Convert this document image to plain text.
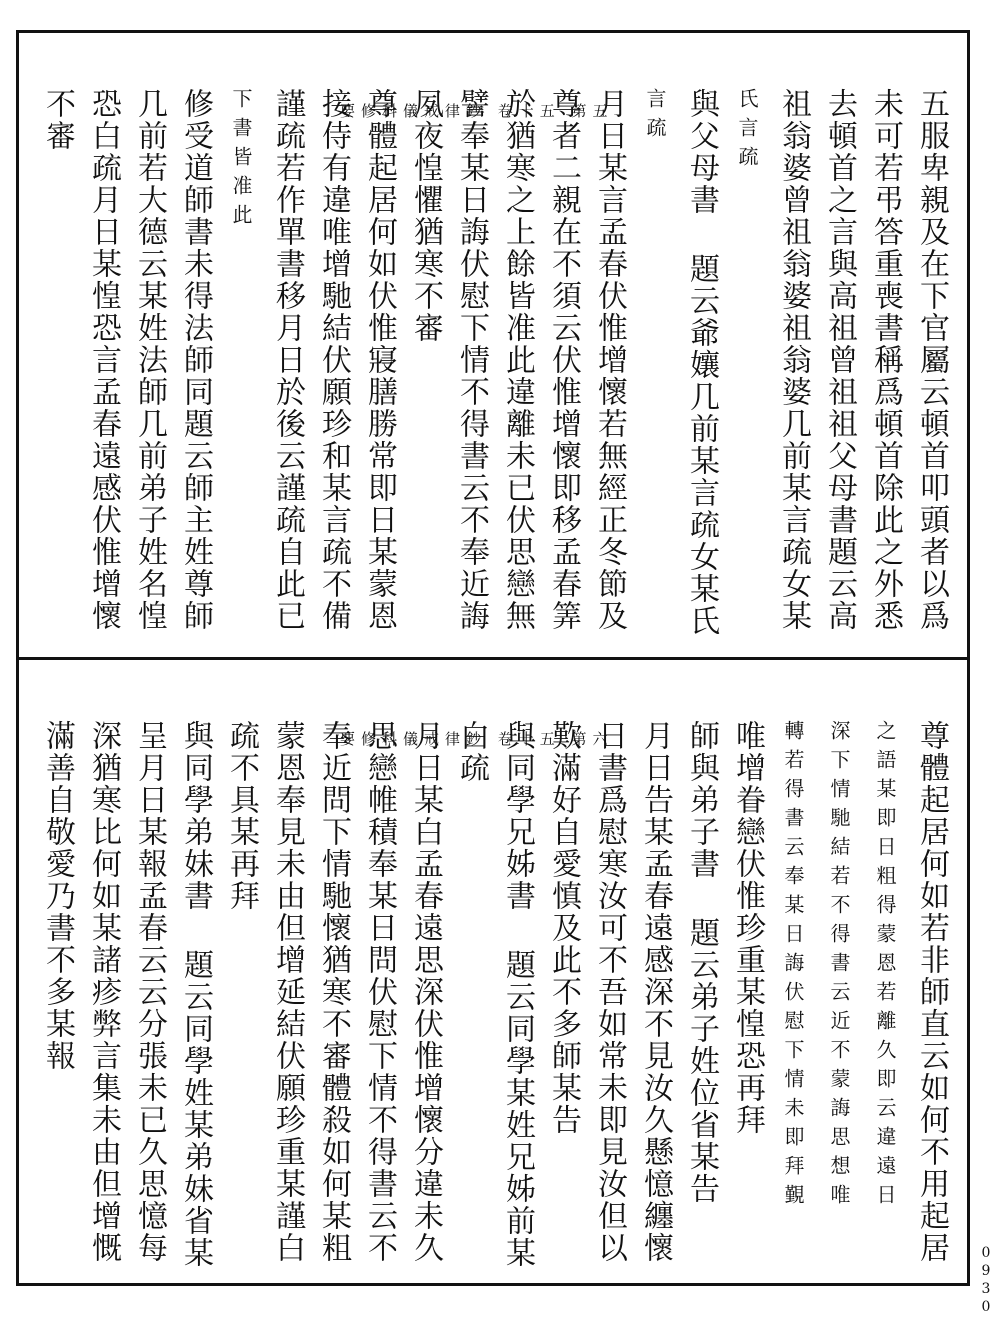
要修科儀戒律鈔 卷十五 第五	五服卑親及在下官屬云頓首叩頭者以爲
未可若弔答重喪書稱爲頓首除此之外悉
去頓首之言與高祖曾祖祖父母書題云高
祖翁婆曾祖翁婆祖翁婆几前某言疏女某
氏言疏
與父母書 題云爺孃几前某言疏女某氏
言疏
月日某言孟春伏惟增懷若無經正冬節及
尊者二親在不須云伏惟增懷即移孟春筭
於猶寒之上餘皆准此違離未已伏思戀無
譬奉某日誨伏慰下情不得書云不奉近誨
夙夜惶懼猶寒不審
尊體起居何如伏惟寢膳勝常即日某蒙恩
接侍有違唯增馳結伏願珍和某言疏不備
謹疏若作單書移月日於後云謹疏自此已
下書皆准此
修受道師書未得法師同題云師主姓尊師
几前若大德云某姓法師几前弟子姓名惶
恐白疏月日某惶恐言孟春遠感伏惟增懷
不審
要修科儀戒律鈔 卷十五 第六	尊體起居何如若非師直云如何不用起居
之語某即日粗得蒙恩若離久即云違遠日
深下情馳結若不得書云近不蒙誨思想唯
轉若得書云奉某日誨伏慰下情未即拜覲
唯增眷戀伏惟珍重某惶恐再拜
師與弟子書 題云弟子姓位省某告
月日告某孟春遠感深不見汝久懸憶纏懷
日書爲慰寒汝可不吾如常未即見汝但以
歎滿好自愛慎及此不多師某告
與同學兄姊書 題云同學某姓兄姊前某
白疏
月日某白孟春遠思深伏惟增懷分違未久
思戀帷積奉某日問伏慰下情不得書云不
奉近問下情馳懷猶寒不審體殺如何某粗
蒙恩奉見未由但增延結伏願珍重某謹白
疏不具某再拜
與同學弟妹書 題云同學姓某弟妹省某
呈月日某報孟春云云分張未已久思憶每
深猶寒比何如某諸疹弊言集未由但增慨
滿善自敬愛乃書不多某報
0930
